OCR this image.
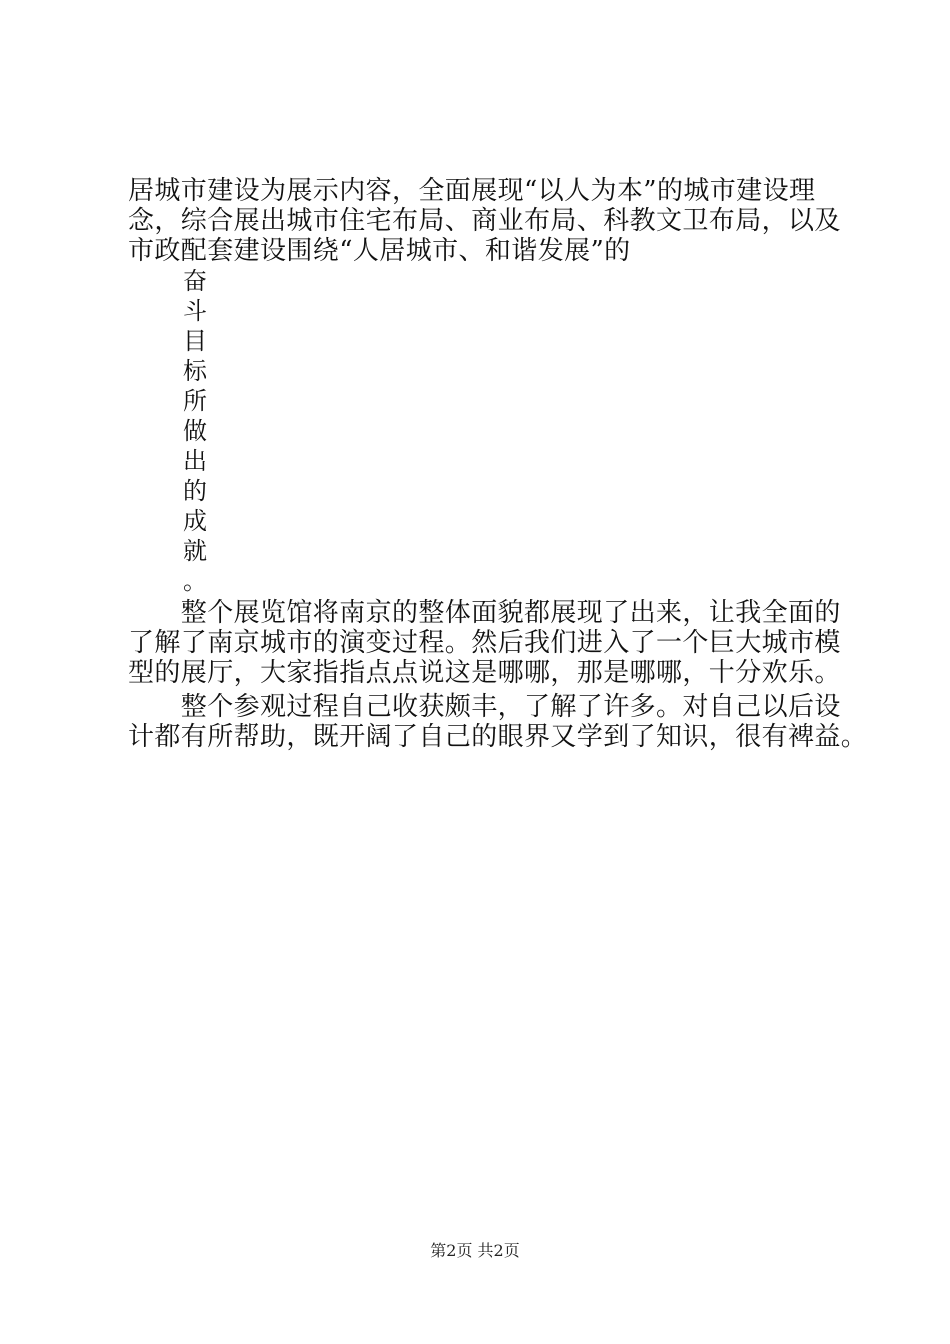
居城市建设为展示内容，全面展现“以人为本”的城市建设理
念，综合展出城市住宅布局、商业布局、科教文卫布局，以及
市政配套建设围绕“人居城市、和谐发展”的
奋
斗
目
标
所
做
出
的
成
就
。
　　整个展览馆将南京的整体面貌都展现了出来，让我全面的
了解了南京城市的演变过程。然后我们进入了一个巨大城市模
型的展厅，大家指指点点说这是哪哪，那是哪哪，十分欢乐。
　　整个参观过程自己收获颇丰，了解了许多。对自己以后设
计都有所帮助，既开阔了自己的眼界又学到了知识，很有裨益。
第2页 共2页
